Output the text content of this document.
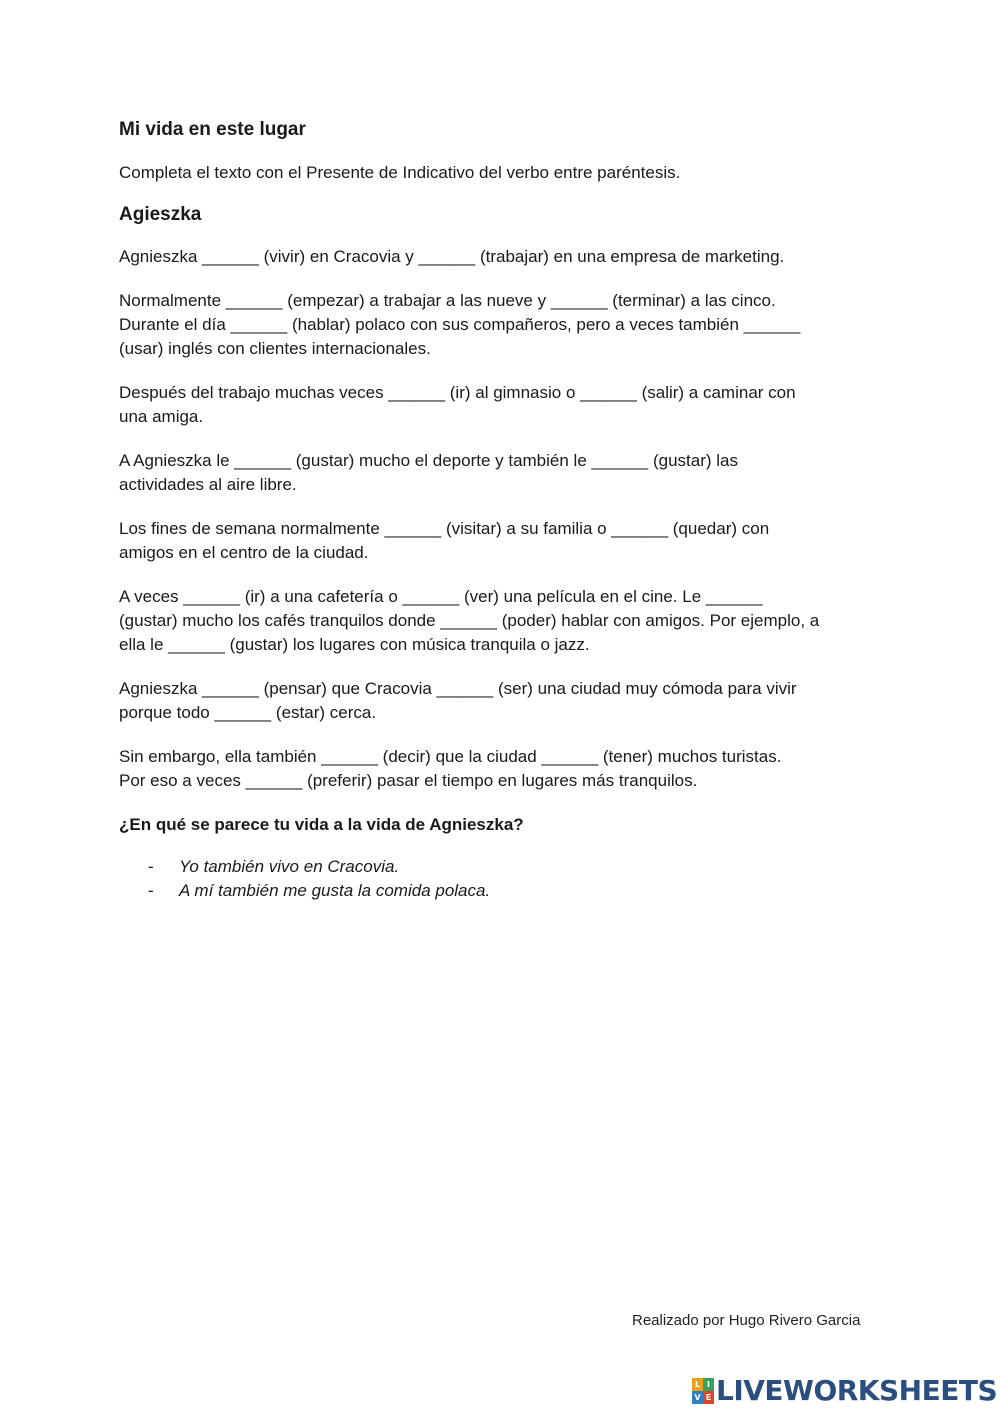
Mi vida en este lugar
Completa el texto con el Presente de Indicativo del verbo entre paréntesis.
Agieszka
Agnieszka ______ (vivir) en Cracovia y ______ (trabajar) en una empresa de marketing.
Normalmente ______ (empezar) a trabajar a las nueve y ______ (terminar) a las cinco.
Durante el día ______ (hablar) polaco con sus compañeros, pero a veces también ______
(usar) inglés con clientes internacionales.
Después del trabajo muchas veces ______ (ir) al gimnasio o ______ (salir) a caminar con
una amiga.
A Agnieszka le ______ (gustar) mucho el deporte y también le ______ (gustar) las
actividades al aire libre.
Los fines de semana normalmente ______ (visitar) a su familia o ______ (quedar) con
amigos en el centro de la ciudad.
A veces ______ (ir) a una cafetería o ______ (ver) una película en el cine. Le ______
(gustar) mucho los cafés tranquilos donde ______ (poder) hablar con amigos. Por ejemplo, a
ella le ______ (gustar) los lugares con música tranquila o jazz.
Agnieszka ______ (pensar) que Cracovia ______ (ser) una ciudad muy cómoda para vivir
porque todo ______ (estar) cerca.
Sin embargo, ella también ______ (decir) que la ciudad ______ (tener) muchos turistas.
Por eso a veces ______ (preferir) pasar el tiempo en lugares más tranquilos.
¿En qué se parece tu vida a la vida de Agnieszka?
- Yo también vivo en Cracovia.
- A mí también me gusta la comida polaca.
Realizado por Hugo Rivero Garcia
L I
V E LIVEWORKSHEETS
